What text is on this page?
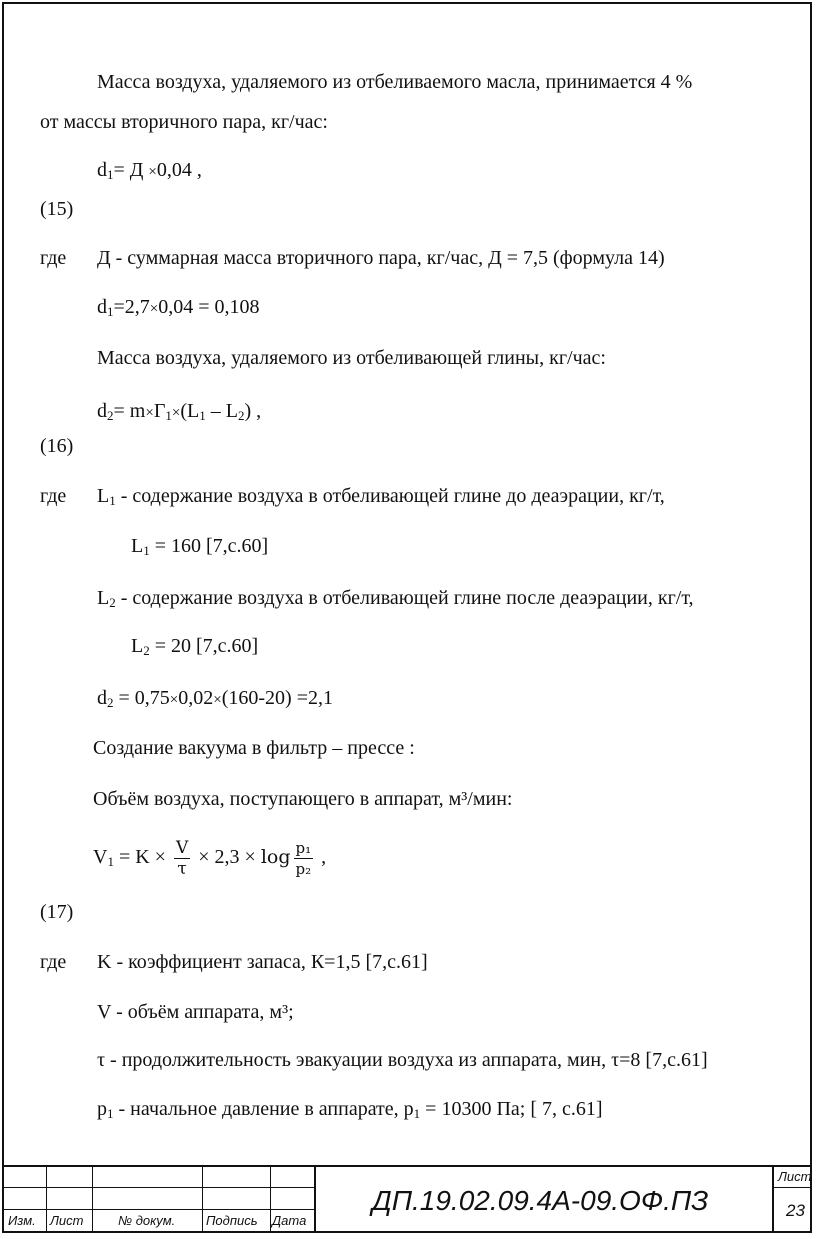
Масса воздуха, удаляемого из отбеливаемого масла, принимается 4 %
от массы вторичного пара, кг/час:
$d_1= Д \times 0,04$ ,
(15)
где Д - суммарная масса вторичного пара, кг/час, Д = 7,5 (формула 14)
$d_1=2,7\times 0,04 = 0,108$
Масса воздуха, удаляемого из отбеливающей глины, кг/час:
$d_2= m\times Г_1\times(L_1 - L_2)$ ,
(16)
где $L_1$ - содержание воздуха в отбеливающей глине до деаэрации, кг/т,
$L_1 = 160$ [7,с.60]
$L_2$ - содержание воздуха в отбеливающей глине после деаэрации, кг/т,
$L_2 = 20$ [7,с.60]
$d_2 = 0,75\times 0,02\times(160-20) =2,1$
Создание вакуума в фильтр – прессе :
Объём воздуха, поступающего в аппарат, м³/мин:
$V_1 = K \times \frac{V}{\tau} \times 2,3 \times \log \frac{\text{p₁}}{\text{p₂}}$ ,
(17)
где K - коэффициент запаса, К=1,5 [7,с.61]
V - объём аппарата, м³;
τ - продолжительность эвакуации воздуха из аппарата, мин, τ=8 [7,с.61]
$p_1$ - начальное давление в аппарате, $p_1 = 10300$ Па; [ 7, с.61]
Изм. Лист	№ докум. Подпись Дата
ДП.19.02.09.4А-09.ОФ.ПЗ
Лист
23
